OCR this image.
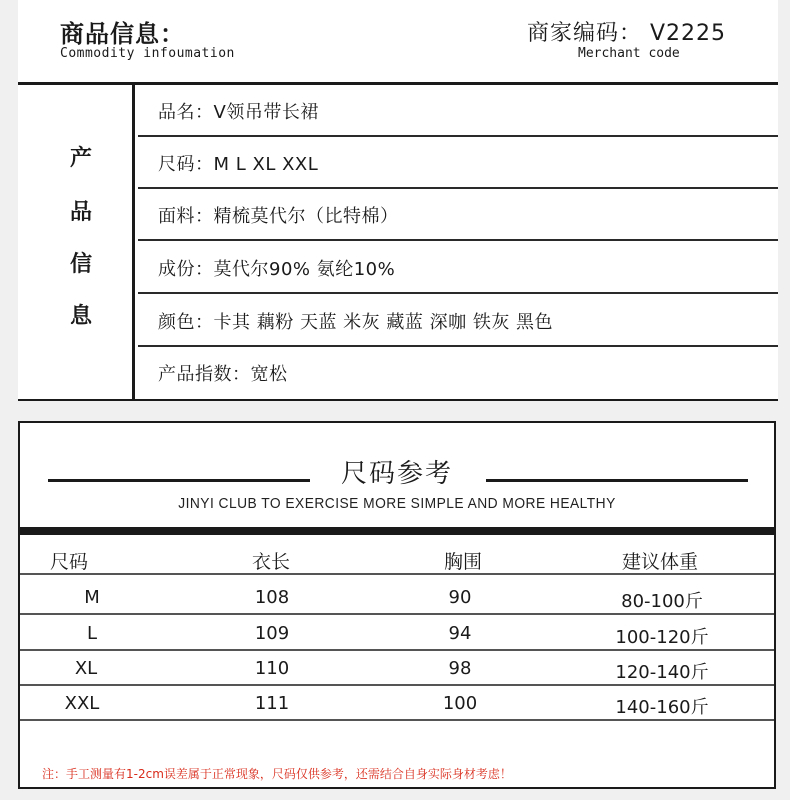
商品信息：
Commodity infoumation
商家编码： V2225
Merchant code
产
品
信
息
品名：V领吊带长裙
尺码：M L XL XXL
面料：精梳莫代尔（比特棉）
成份：莫代尔90% 氨纶10%
颜色：卡其 藕粉 天蓝 米灰 藏蓝 深咖 铁灰 黑色
产品指数：宽松
尺码参考
JINYI CLUB TO EXERCISE MORE SIMPLE AND MORE HEALTHY
尺码	衣长	胸围	建议体重
M	108	90	80-100斤
L	109	94	100-120斤
XL	110	98	120-140斤
XXL	111	100	140-160斤
注：手工测量有1-2cm误差属于正常现象，尺码仅供参考，还需结合自身实际身材考虑！
